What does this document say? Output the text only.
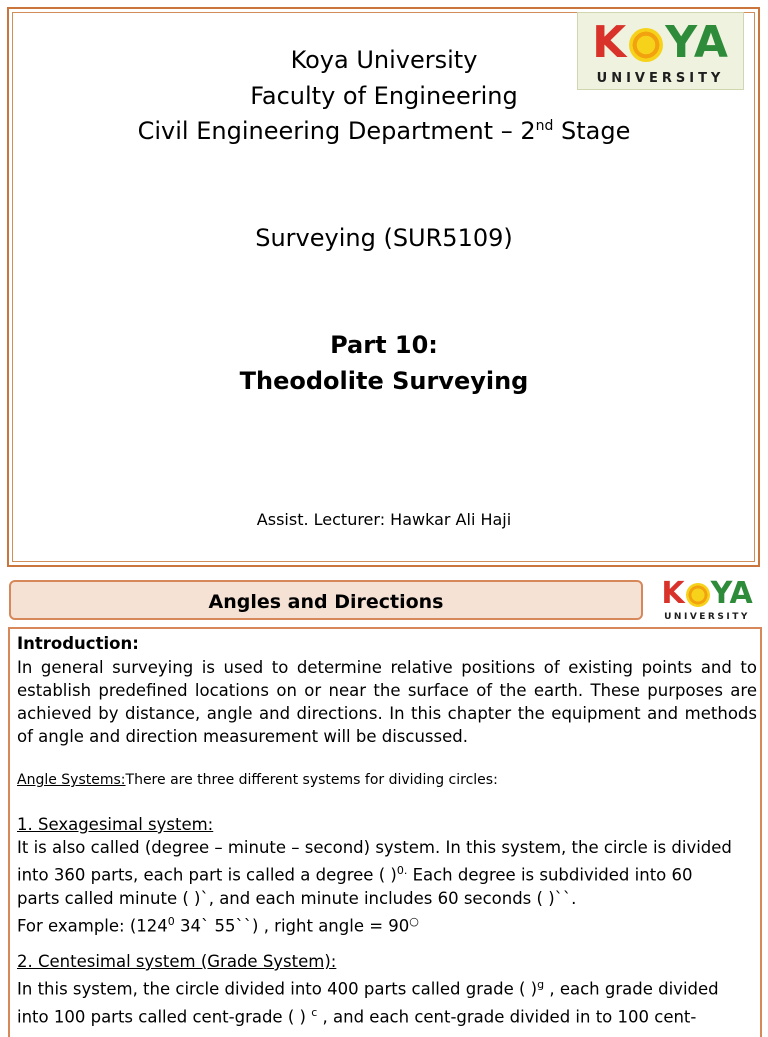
K YA
UNIVERSITY
Koya University
Faculty of Engineering
Civil Engineering Department – 2nd Stage
Surveying (SUR5109)
Part 10:
Theodolite Surveying
Assist. Lecturer: Hawkar Ali Haji
Angles and Directions	K YA
UNIVERSITY
Introduction:
In general surveying is used to determine relative positions of existing points and to establish predefined locations on or near the surface of the earth. These purposes are achieved by distance, angle and directions. In this chapter the equipment and methods of angle and direction measurement will be discussed.
Angle Systems:There are three different systems for dividing circles:
1. Sexagesimal system:
It is also called (degree – minute – second) system. In this system, the circle is divided
into 360 parts, each part is called a degree ( )$^{0.}$ Each degree is subdivided into 60
parts called minute ( )`, and each minute includes 60 seconds ( )``.
For example: ($124^0$ 34` 55``) , right angle = 90○
2. Centesimal system (Grade System):
In this system, the circle divided into 400 parts called grade ( )$^g$ , each grade divided
into 100 parts called cent-grade ( ) $^c$ , and each cent-grade divided in to 100 cent-
